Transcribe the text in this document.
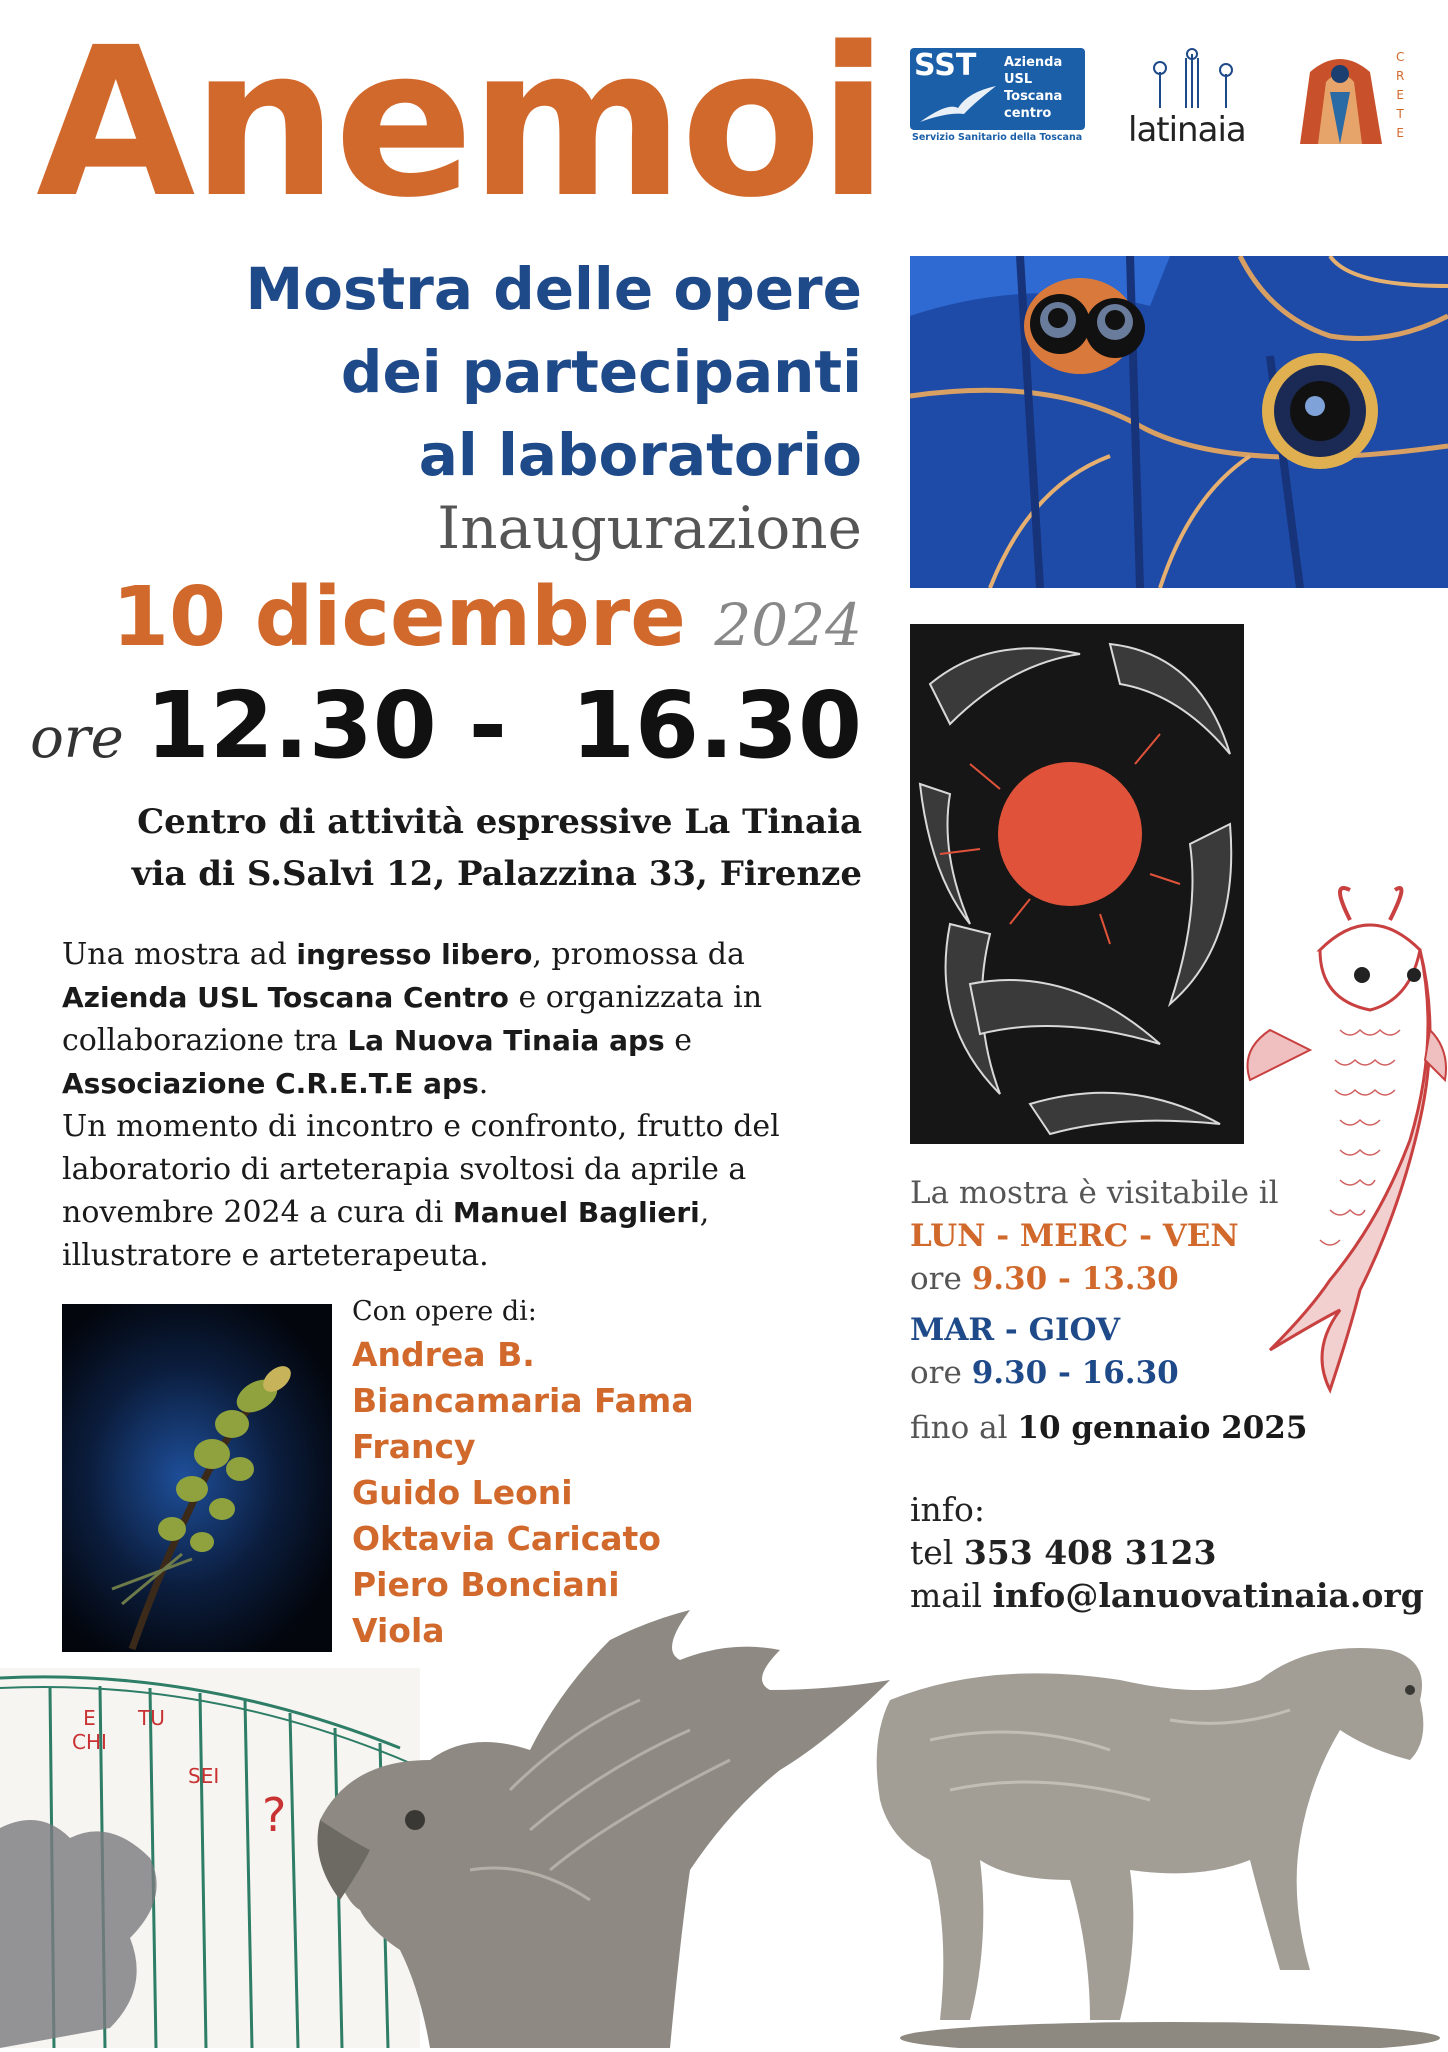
Anemoi
Mostra delle opere
dei partecipanti
al laboratorio
Inaugurazione
10 dicembre 2024
ore 12.30 -  16.30
Centro di attività espressive La Tinaia
via di S.Salvi 12, Palazzina 33, Firenze
Una mostra ad ingresso libero, promossa da Azienda USL Toscana Centro e organizzata in collaborazione tra La Nuova Tinaia aps e Associazione C.R.E.T.E aps.
Un momento di incontro e confronto, frutto del laboratorio di arteterapia svoltosi da aprile a novembre 2024 a cura di Manuel Baglieri, illustratore e arteterapeuta.
Con opere di:
Andrea B.
Biancamaria Fama
Francy
Guido Leoni
Oktavia Caricato
Piero Bonciani
Viola
SST Azienda
USL
Toscana
centro
Servizio Sanitario della Toscana latinaia
C
R
E
T
E
La mostra è visitabile il
LUN - MERC - VEN
ore 9.30 - 13.30
MAR - GIOV
ore 9.30 - 16.30
fino al 10 gennaio 2025
info:
tel 353 408 3123
mail info@lanuovatinaia.org
E
CHI
TU
SEI
?
